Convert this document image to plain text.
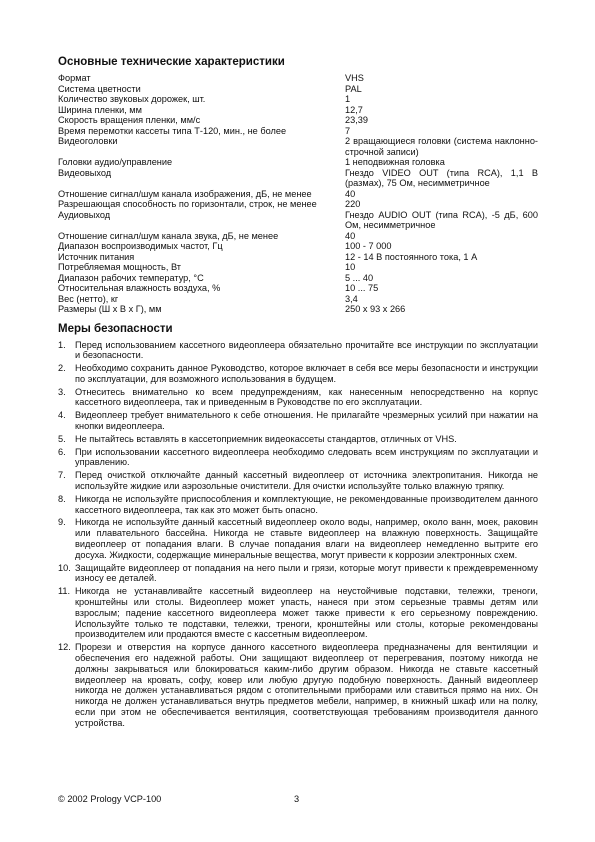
Основные технические характеристики
Формат	VHS
Система цветности	PAL
Количество звуковых дорожек, шт.	1
Ширина пленки, мм	12,7
Скорость вращения пленки, мм/с	23,39
Время перемотки кассеты типа Т-120, мин., не более	7
Видеоголовки	2 вращающиеся головки (система наклонно-строчной записи)
Головки аудио/управление	1 неподвижная головка
Видеовыход	Гнездо VIDEO OUT (типа RCA), 1,1 В (размах), 75 Ом, несимметричное
Отношение сигнал/шум канала изображения, дБ, не менее	40
Разрешающая способность по горизонтали, строк, не менее	220
Аудиовыход	Гнездо AUDIO OUT (типа RCA), -5 дБ, 600 Ом, несимметричное
Отношение сигнал/шум канала звука, дБ, не менее	40
Диапазон воспроизводимых частот, Гц	100 - 7 000
Источник питания	12 - 14 В постоянного тока, 1 А
Потребляемая мощность, Вт	10
Диапазон рабочих температур, °C	5 ... 40
Относительная влажность воздуха, %	10 ... 75
Вес (нетто), кг	3,4
Размеры (Ш x В x Г), мм	250 x 93 x 266
Меры безопасности
1. Перед использованием кассетного видеоплеера обязательно прочитайте все инструкции по эксплуатации и безопасности.
2. Необходимо сохранить данное Руководство, которое включает в себя все меры безопасности и инструкции по эксплуатации, для возможного использования в будущем.
3. Отнеситесь внимательно ко всем предупреждениям, как нанесенным непосредственно на корпус кассетного видеоплеера, так и приведенным в Руководстве по его эксплуатации.
4. Видеоплеер требует внимательного к себе отношения. Не прилагайте чрезмерных усилий при нажатии на кнопки видеоплеера.
5. Не пытайтесь вставлять в кассетоприемник видеокассеты стандартов, отличных от VHS.
6. При использовании кассетного видеоплеера необходимо следовать всем инструкциям по эксплуатации и управлению.
7. Перед очисткой отключайте данный кассетный видеоплеер от источника электропитания. Никогда не используйте жидкие или аэрозольные очистители. Для очистки используйте только влажную тряпку.
8. Никогда не используйте приспособления и комплектующие, не рекомендованные производителем данного кассетного видеоплеера, так как это может быть опасно.
9. Никогда не используйте данный кассетный видеоплеер около воды, например, около ванн, моек, раковин или плавательного бассейна. Никогда не ставьте видеоплеер на влажную поверхность. Защищайте видеоплеер от попадания влаги. В случае попадания влаги на видеоплеер немедленно вытрите его досуха. Жидкости, содержащие минеральные вещества, могут привести к коррозии электронных схем.
10. Защищайте видеоплеер от попадания на него пыли и грязи, которые могут привести к преждевременному износу ее деталей.
11. Никогда не устанавливайте кассетный видеоплеер на неустойчивые подставки, тележки, треноги, кронштейны или столы. Видеоплеер может упасть, нанеся при этом серьезные травмы детям или взрослым; падение кассетного видеоплеера может также привести к его серьезному повреждению. Используйте только те подставки, тележки, треноги, кронштейны или столы, которые рекомендованы производителем или продаются вместе с кассетным видеоплеером.
12. Прорези и отверстия на корпусе данного кассетного видеоплеера предназначены для вентиляции и обеспечения его надежной работы. Они защищают видеоплеер от перегревания, поэтому никогда не должны закрываться или блокироваться каким-либо другим образом. Никогда не ставьте кассетный видеоплеер на кровать, софу, ковер или любую другую подобную поверхность. Данный видеоплеер никогда не должен устанавливаться рядом с отопительными приборами или ставиться прямо на них. Он никогда не должен устанавливаться внутрь предметов мебели, например, в книжный шкаф или на полку, если при этом не обеспечивается вентиляция, соответствующая требованиям производителя данного устройства.
© 2002 Prology VCP-100	3
